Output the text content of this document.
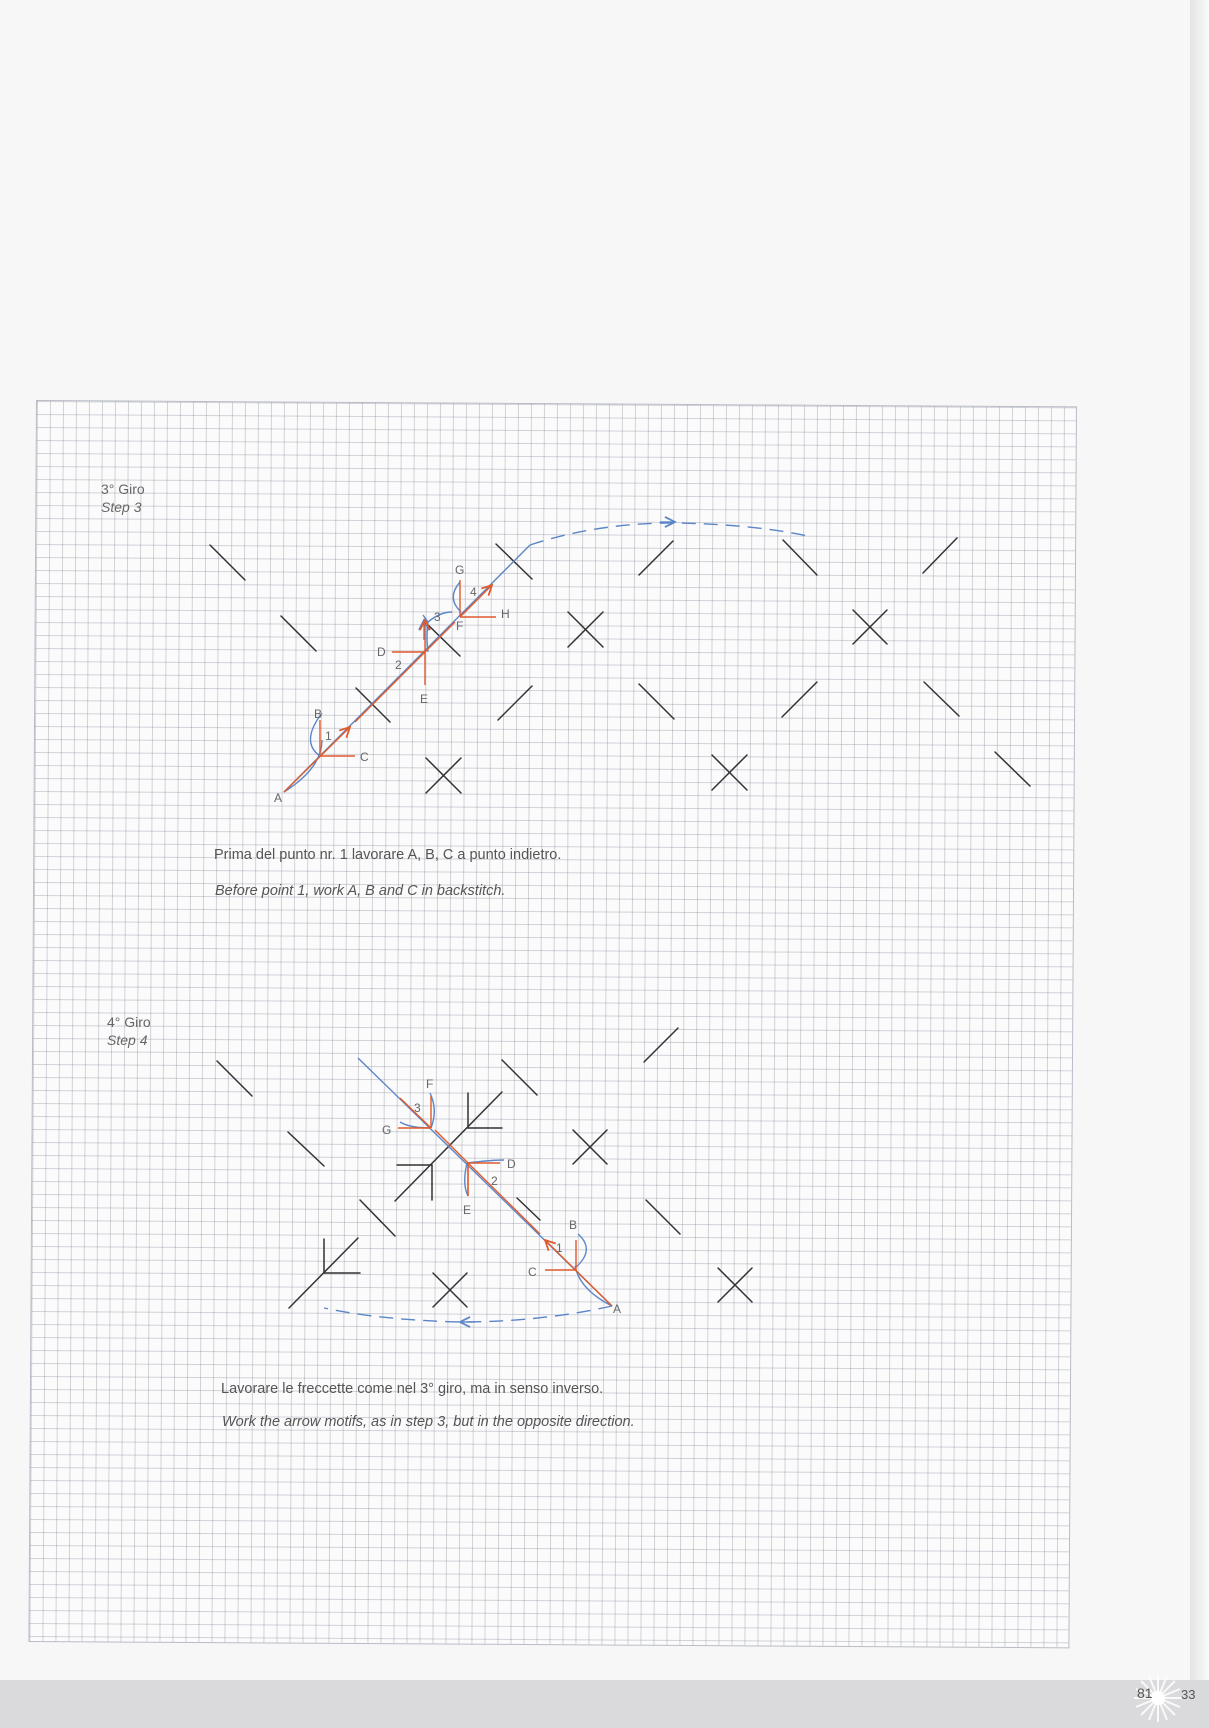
3° Giro
Step 3
4° Giro
Step 4
A
B
C
D
E
F
G
H
1
2
3
4
A
B
C
D
E
F
G
1
2
3
Prima del punto nr. 1 lavorare A, B, C a punto indietro.
Before point 1, work A, B and C in backstitch.
Lavorare le freccette come nel 3° giro, ma in senso inverso.
Work the arrow motifs, as in step 3, but in the opposite direction.
81 33
